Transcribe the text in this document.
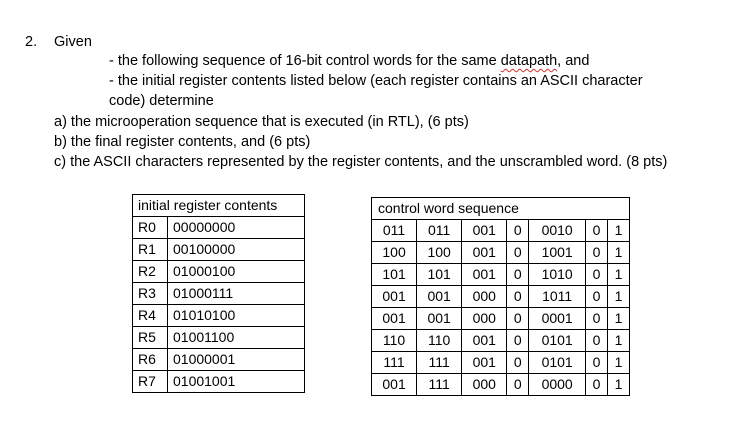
2. Given
- the following sequence of 16-bit control words for the same datapath, and
- the initial register contents listed below (each register contains an ASCII character
code) determine
a) the microoperation sequence that is executed (in RTL), (6 pts)
b) the final register contents, and (6 pts)
c) the ASCII characters represented by the register contents, and the unscrambled word. (8 pts)
initial register contents	
R0	00000000
R1	00100000
R2	01000100
R3	01000111
R4	01010100
R5	01001100
R6	01000001
R7	01001001
control word sequence						
011	011	001	0	0010	0	1
100	100	001	0	1001	0	1
101	101	001	0	1010	0	1
001	001	000	0	1011	0	1
001	001	000	0	0001	0	1
110	110	001	0	0101	0	1
111	111	001	0	0101	0	1
001	111	000	0	0000	0	1
